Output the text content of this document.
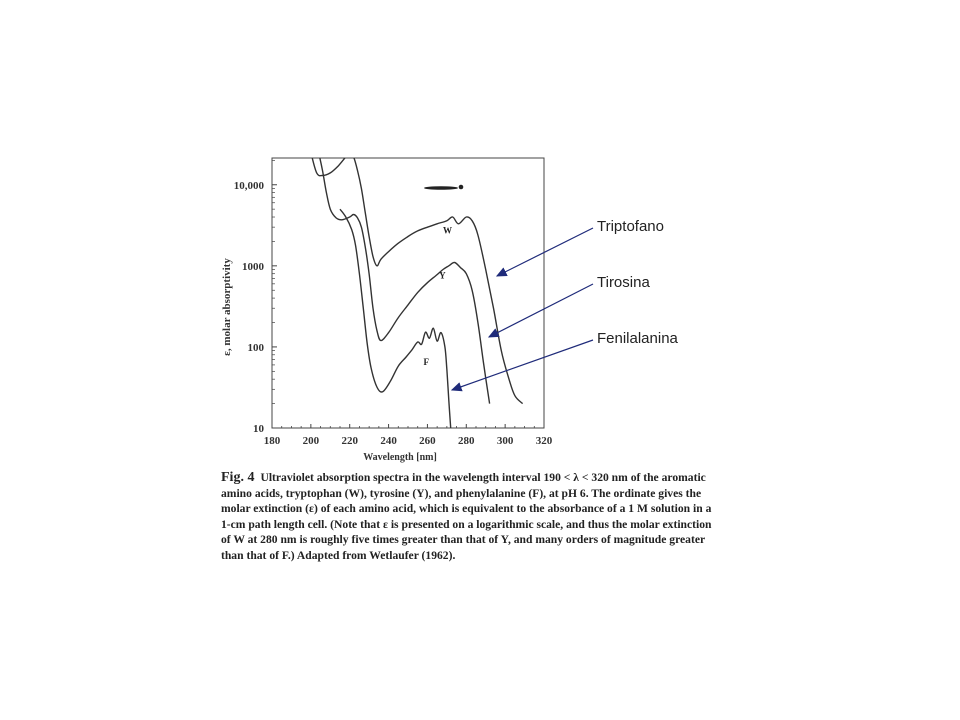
180 200 220 240 260 280 300 320
10
100
1000
10,000
Wavelength [nm]
ε, molar absorptivity
W
Y
F
Triptofano
Tirosina
Fenilalanina
Fig. 4 Ultraviolet absorption spectra in the wavelength interval 190 < λ < 320 nm of the aromatic
amino acids, tryptophan (W), tyrosine (Y), and phenylalanine (F), at pH 6. The ordinate gives the
molar extinction (ε) of each amino acid, which is equivalent to the absorbance of a 1 M solution in a
1-cm path length cell. (Note that ε is presented on a logarithmic scale, and thus the molar extinction
of W at 280 nm is roughly five times greater than that of Y, and many orders of magnitude greater
than that of F.) Adapted from Wetlaufer (1962).
